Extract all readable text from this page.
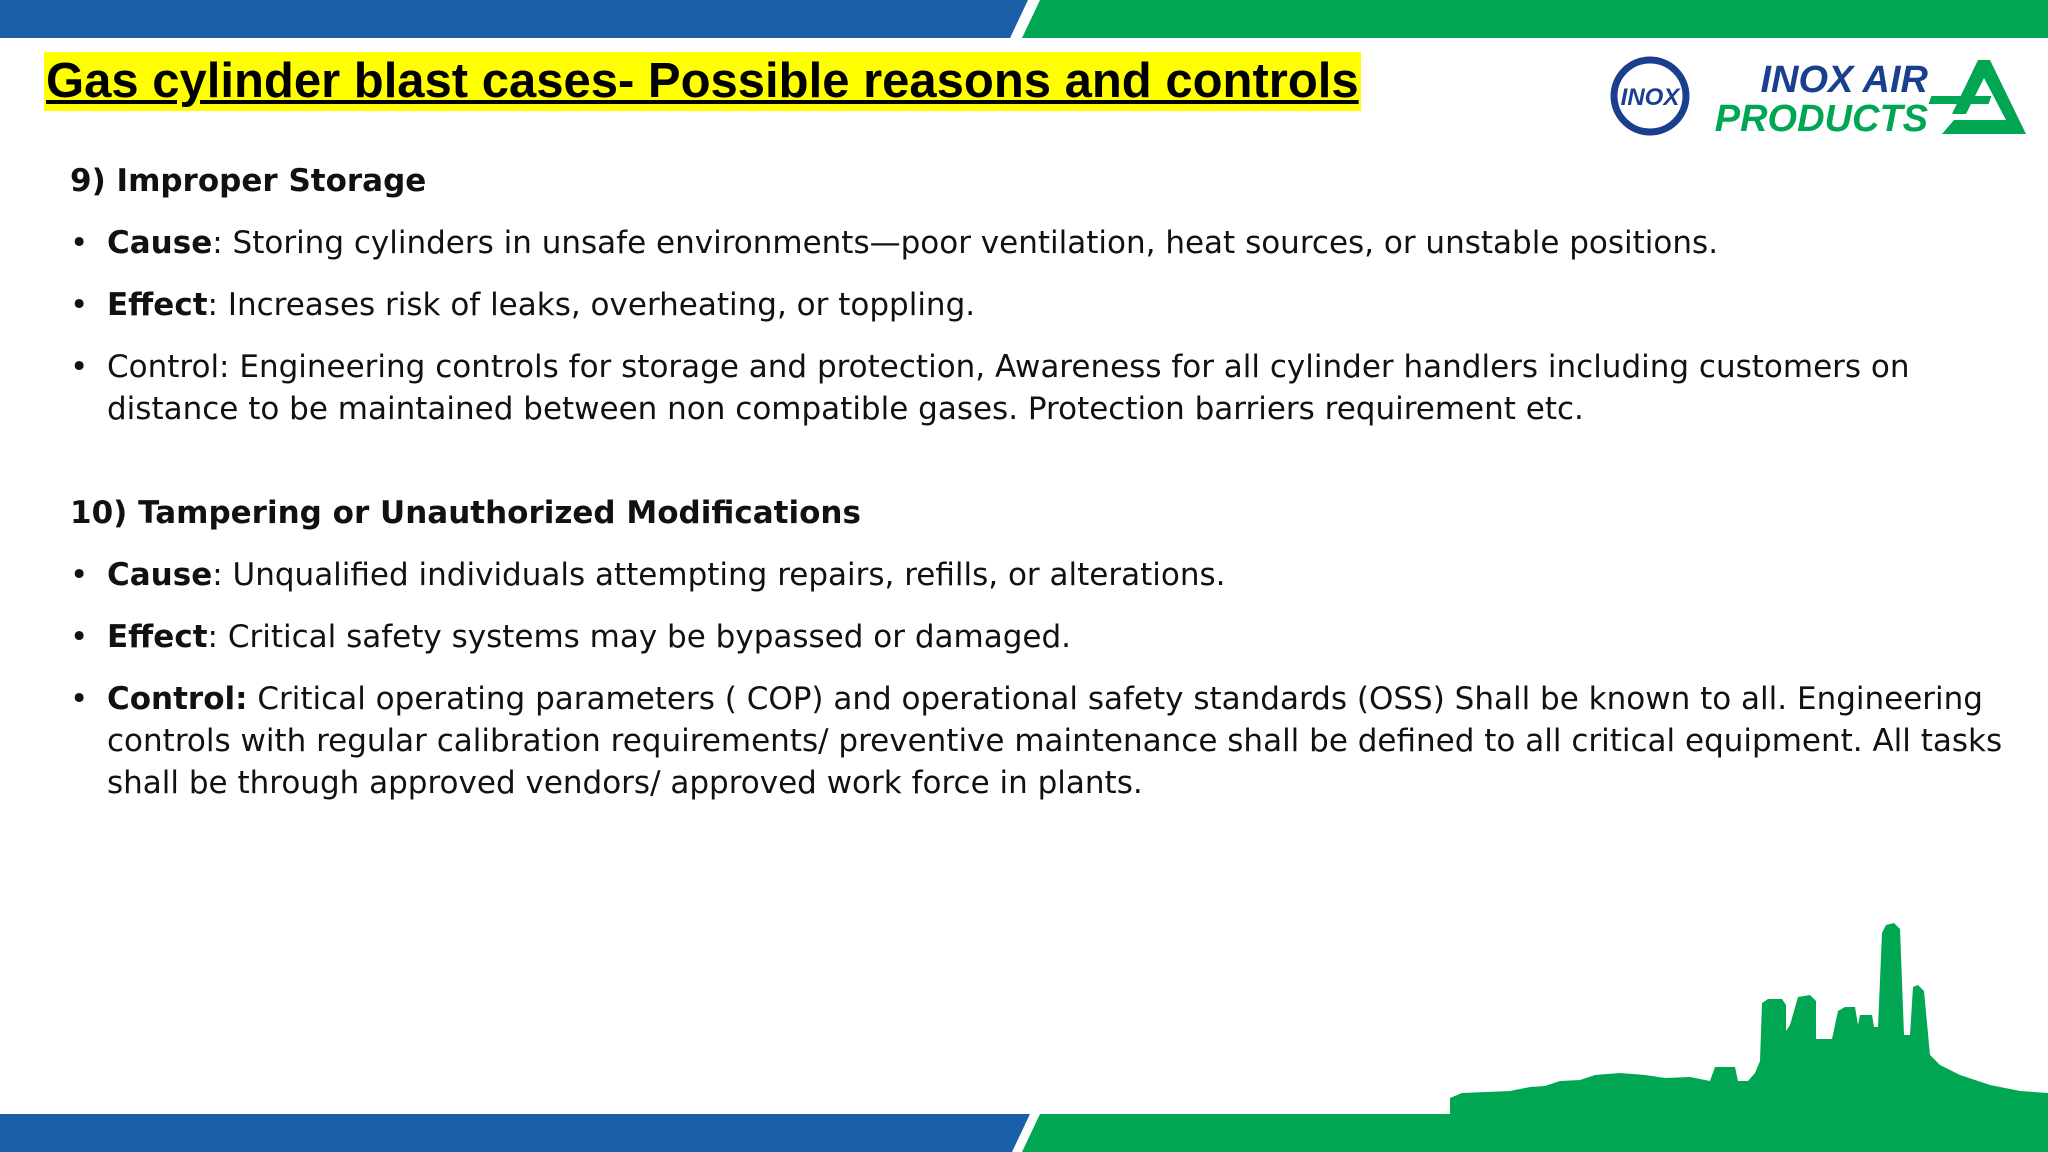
Gas cylinder blast cases- Possible reasons and controls	INOX INOX AIR
PRODUCTS

9) Improper Storage

• Cause: Storing cylinders in unsafe environments—poor ventilation, heat sources, or unstable positions.
• Effect: Increases risk of leaks, overheating, or toppling.
• Control: Engineering controls for storage and protection, Awareness for all cylinder handlers including customers on distance to be maintained between non compatible gases. Protection barriers requirement etc.

10) Tampering or Unauthorized Modifications

• Cause: Unqualified individuals attempting repairs, refills, or alterations.
• Effect: Critical safety systems may be bypassed or damaged.
• Control: Critical operating parameters ( COP) and operational safety standards (OSS) Shall be known to all. Engineering controls with regular calibration requirements/ preventive maintenance shall be defined to all critical equipment. All tasks shall be through approved vendors/ approved work force in plants.
